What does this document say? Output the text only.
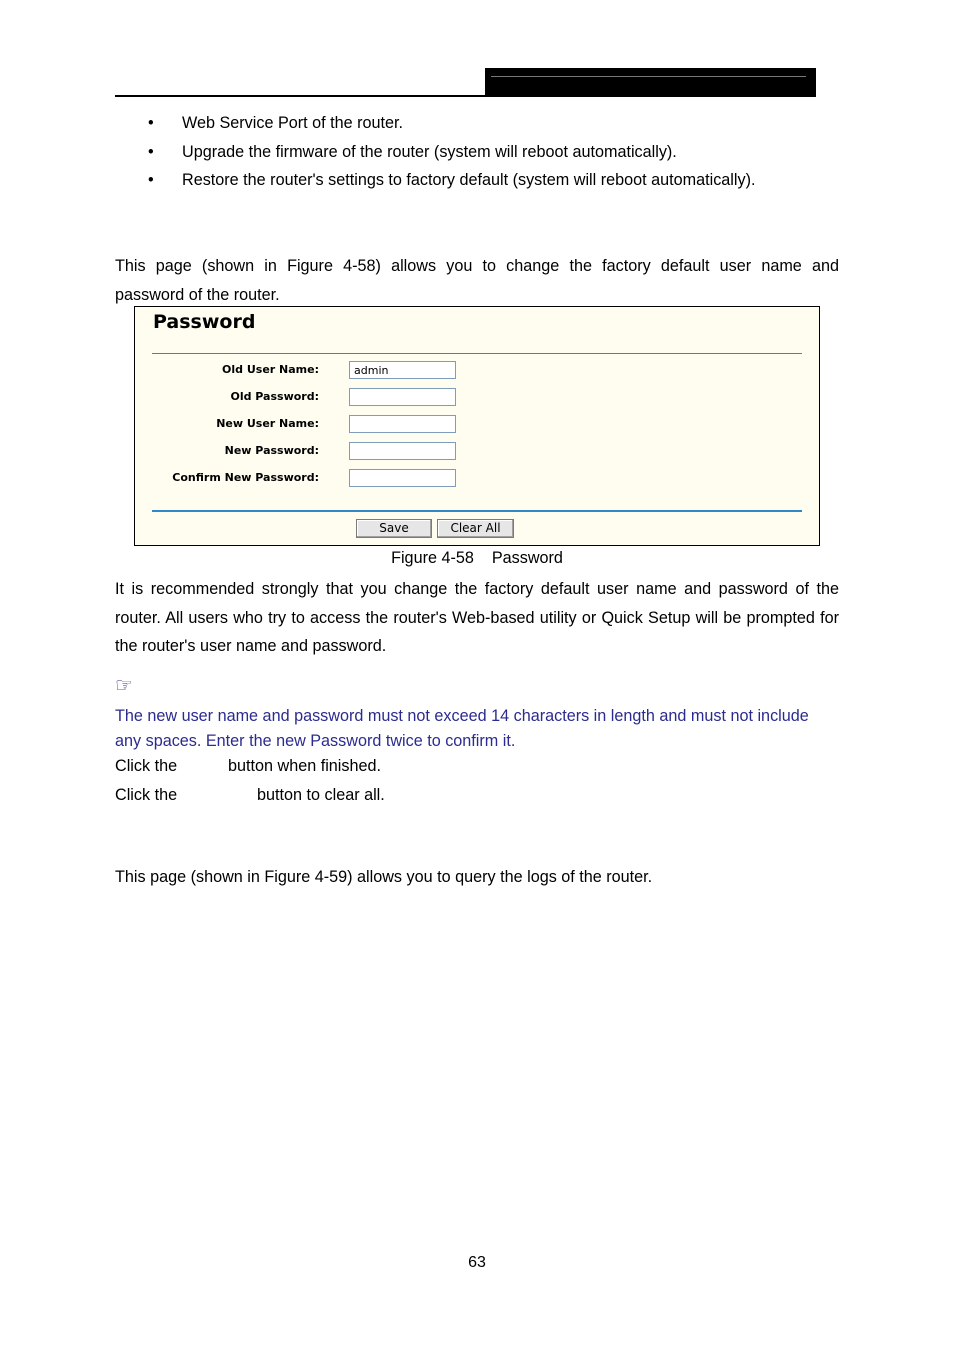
• Web Service Port of the router.
• Upgrade the firmware of the router (system will reboot automatically).
• Restore the router's settings to factory default (system will reboot automatically).
This page (shown in Figure 4-58) allows you to change the factory default user name and
password of the router.
Password
Old User Name:
admin
Old Password:
New User Name:
New Password:
Confirm New Password:
Save	Clear All
Figure 4-58    Password
It is recommended strongly that you change the factory default user name and password of the router. All users who try to access the router's Web-based utility or Quick Setup will be prompted for the router's user name and password.
☞
The new user name and password must not exceed 14 characters in length and must not include any spaces. Enter the new Password twice to confirm it.
Click the	button when finished.
Click the	button to clear all.
This page (shown in Figure 4-59) allows you to query the logs of the router.
63
